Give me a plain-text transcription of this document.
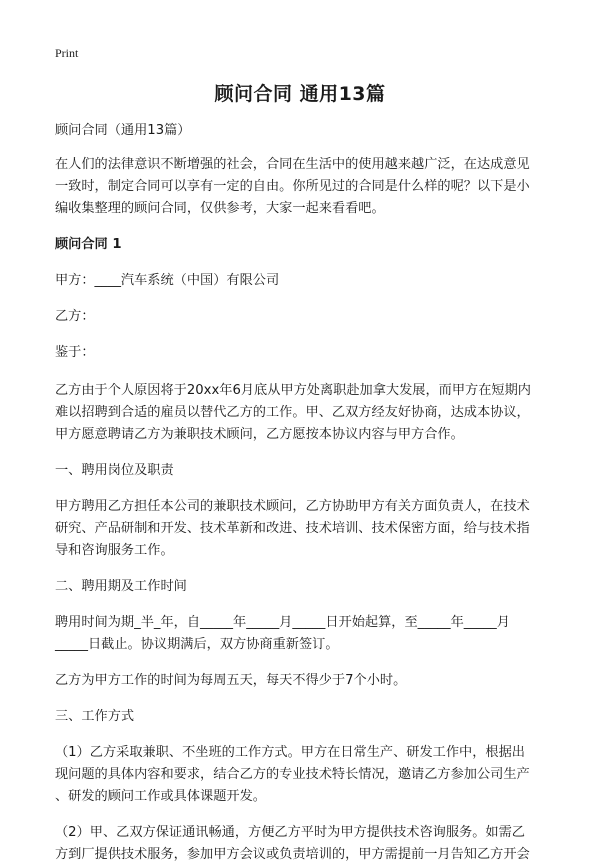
Print
顾问合同 通用13篇

顾问合同（通用13篇）

在人们的法律意识不断增强的社会，合同在生活中的使用越来越广泛，在达成意见
一致时，制定合同可以享有一定的自由。你所见过的合同是什么样的呢？以下是小
编收集整理的顾问合同，仅供参考，大家一起来看看吧。

顾问合同 1

甲方：____汽车系统（中国）有限公司

乙方：

鉴于：

乙方由于个人原因将于20xx年6月底从甲方处离职赴加拿大发展，而甲方在短期内
难以招聘到合适的雇员以替代乙方的工作。甲、乙双方经友好协商，达成本协议，
甲方愿意聘请乙方为兼职技术顾问，乙方愿按本协议内容与甲方合作。

一、聘用岗位及职责

甲方聘用乙方担任本公司的兼职技术顾问，乙方协助甲方有关方面负责人，在技术
研究、产品研制和开发、技术革新和改进、技术培训、技术保密方面，给与技术指
导和咨询服务工作。

二、聘用期及工作时间

聘用时间为期_半_年，自_____年_____月_____日开始起算，至_____年_____月
_____日截止。协议期满后，双方协商重新签订。

乙方为甲方工作的时间为每周五天，每天不得少于7个小时。

三、工作方式

（1）乙方采取兼职、不坐班的工作方式。甲方在日常生产、研发工作中，根据出
现问题的具体内容和要求，结合乙方的专业技术特长情况，邀请乙方参加公司生产
、研发的顾问工作或具体课题开发。
（2）甲、乙双方保证通讯畅通，方便乙方平时为甲方提供技术咨询服务。如需乙
方到厂提供技术服务，参加甲方会议或负责培训的，甲方需提前一月告知乙方开会
